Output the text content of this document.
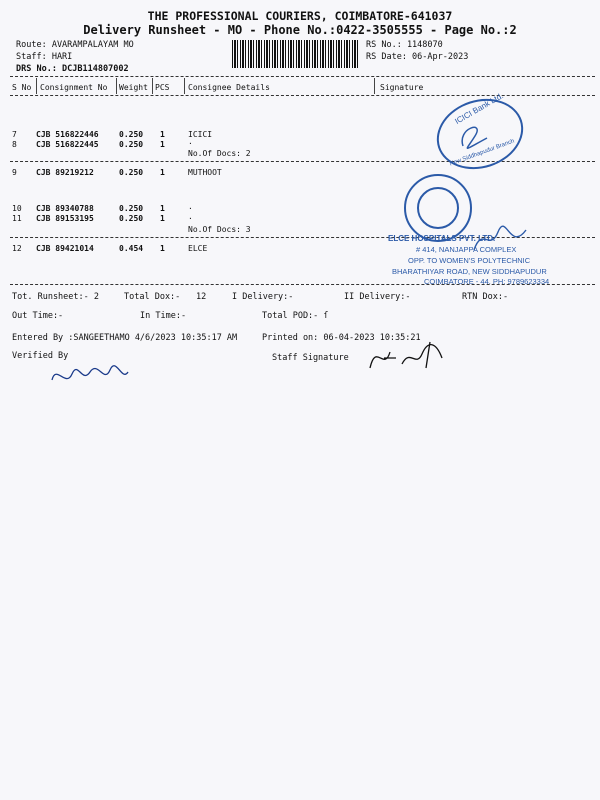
THE PROFESSIONAL COURIERS, COIMBATORE-641037
Delivery Runsheet - MO - Phone No.:0422-3505555 - Page No.:2
Route: AVARAMPALAYAM MO
Staff: HARI
DRS No.: DCJB114807002
RS No.: 1148070
RS Date: 06-Apr-2023
S No Consignment No Weight PCS Consignee Details	Signature
7 CJB 516822446	0.250 1	ICICI
8 CJB 516822445	0.250 1	.
No.Of Docs: 2
9 CJB 89219212	0.250 1	MUTHOOT
10 CJB 89340788	0.250 1	.
11 CJB 89153195	0.250 1	.
No.Of Docs: 3
12 CJB 89421014	0.454 1	ELCE
ICICI Bank Ltd.
New Siddhapudur Branch
ELCE HOSPITALS PVT. LTD.
# 414, NANJAPPA COMPLEX
OPP. TO WOMEN'S POLYTECHNIC
BHARATHIYAR ROAD, NEW SIDDHAPUDUR
COIMBATORE - 44. PH: 9789623334
Tot. Runsheet:- 2	Total Dox:- 12	I Delivery:-	II Delivery:-	RTN Dox:-
Out Time:-	In Time:-	Total POD:- ſ
Entered By :SANGEETHAMO 4/6/2023 10:35:17 AM	Printed on: 06-04-2023 10:35:21
Verified By	Staff Signature
